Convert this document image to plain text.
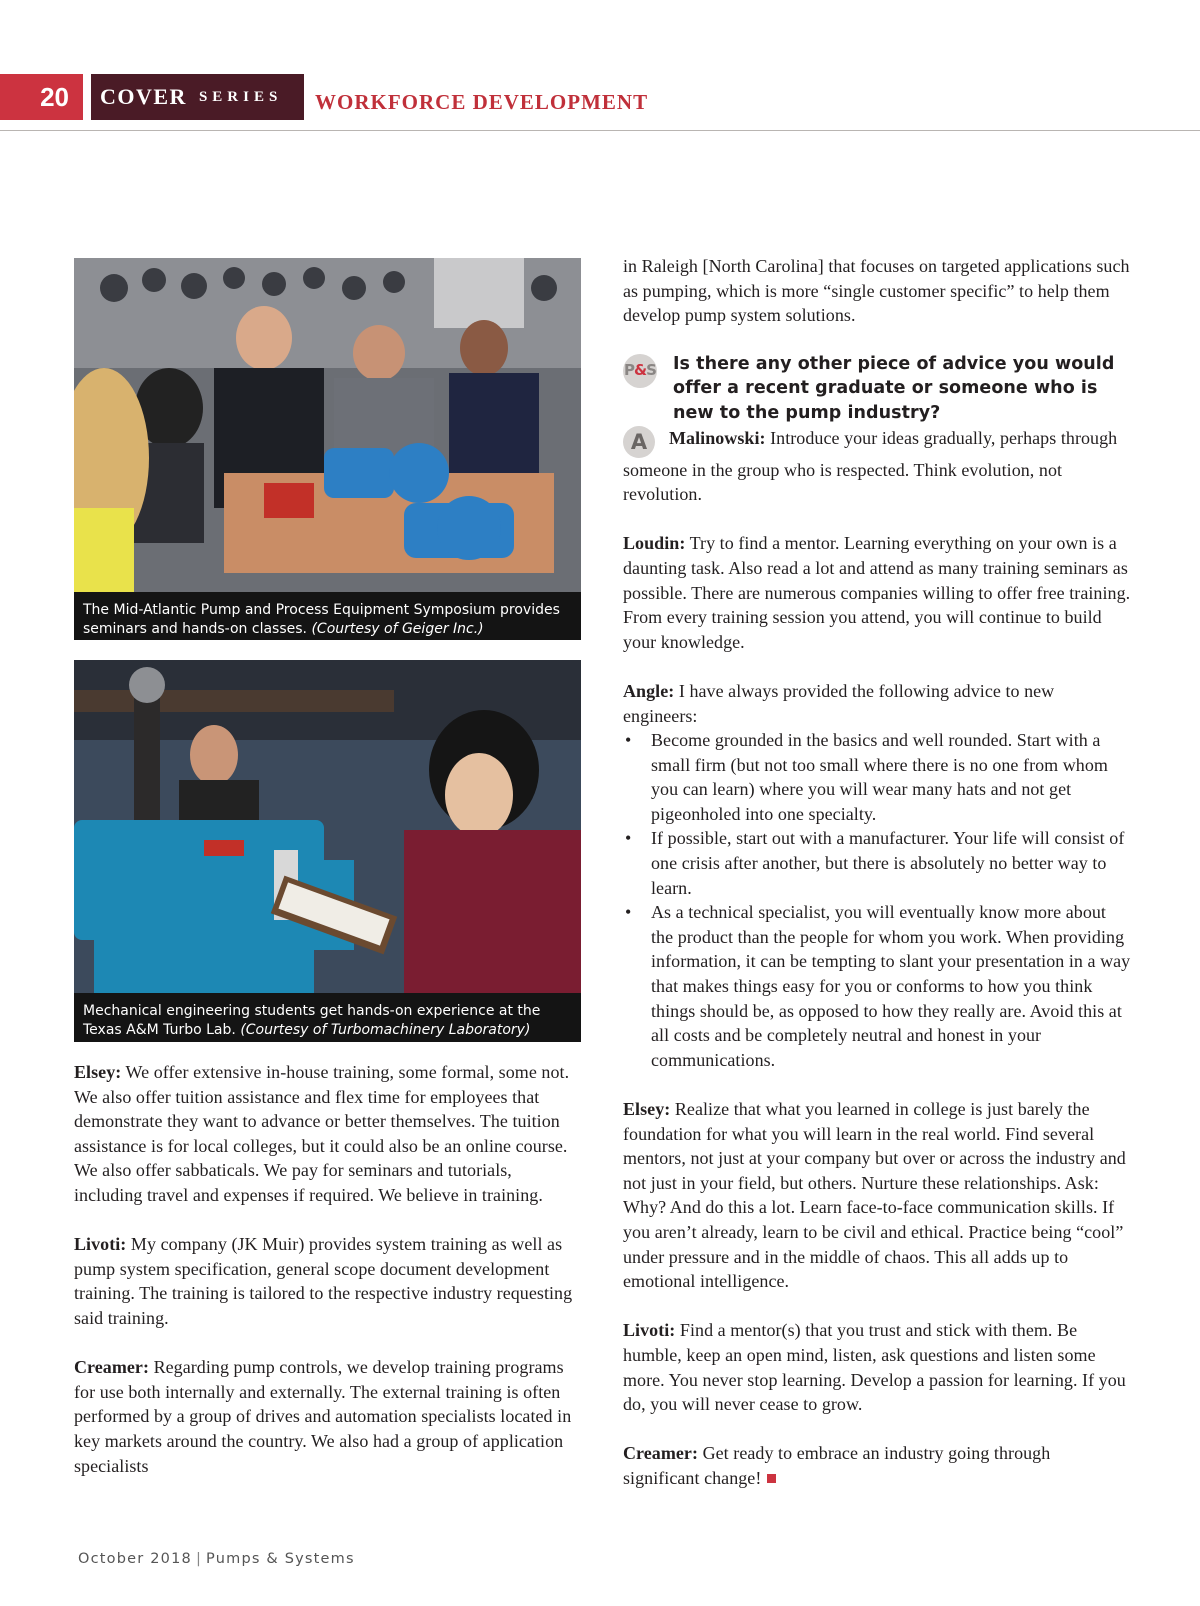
20	COVER SERIES WORKFORCE DEVELOPMENT
The Mid-Atlantic Pump and Process Equipment Symposium provides seminars and hands-on classes. (Courtesy of Geiger Inc.)
Mechanical engineering students get hands-on experience at the Texas A&M Turbo Lab. (Courtesy of Turbomachinery Laboratory)

Elsey: We offer extensive in-house training, some formal, some not. We also offer tuition assistance and flex time for employees that demonstrate they want to advance or better themselves. The tuition assistance is for local colleges, but it could also be an online course. We also offer sabbaticals. We pay for seminars and tutorials, including travel and expenses if required. We believe in training.

Livoti: My company (JK Muir) provides system training as well as pump system specification, general scope document development training. The training is tailored to the respective industry requesting said training.

Creamer: Regarding pump controls, we develop training programs for use both internally and externally. The external training is often performed by a group of drives and automation specialists located in key markets around the country. We also had a group of application specialists

in Raleigh [North Carolina] that focuses on targeted applications such as pumping, which is more “single customer specific” to help them develop pump system solutions.

P & S Is there any other piece of advice you would offer a recent graduate or someone who is new to the pump industry?

A Malinowski: Introduce your ideas gradually, perhaps through someone in the group who is respected. Think evolution, not revolution.

Loudin: Try to find a mentor. Learning everything on your own is a daunting task. Also read a lot and attend as many training seminars as possible. There are numerous companies willing to offer free training. From every training session you attend, you will continue to build your knowledge.

Angle: I have always provided the following advice to new engineers:

• Become grounded in the basics and well rounded. Start with a small firm (but not too small where there is no one from whom you can learn) where you will wear many hats and not get pigeonholed into one specialty.
• If possible, start out with a manufacturer. Your life will consist of one crisis after another, but there is absolutely no better way to learn.
• As a technical specialist, you will eventually know more about the product than the people for whom you work. When providing information, it can be tempting to slant your presentation in a way that makes things easy for you or conforms to how you think things should be, as opposed to how they really are. Avoid this at all costs and be completely neutral and honest in your communications.

Elsey: Realize that what you learned in college is just barely the foundation for what you will learn in the real world. Find several mentors, not just at your company but over or across the industry and not just in your field, but others. Nurture these relationships. Ask: Why? And do this a lot. Learn face-to-face communication skills. If you aren’t already, learn to be civil and ethical. Practice being “cool” under pressure and in the middle of chaos. This all adds up to emotional intelligence.

Livoti: Find a mentor(s) that you trust and stick with them. Be humble, keep an open mind, listen, ask questions and listen some more. You never stop learning. Develop a passion for learning. If you do, you will never cease to grow.

Creamer: Get ready to embrace an industry going through significant change!

October 2018 | Pumps & Systems
